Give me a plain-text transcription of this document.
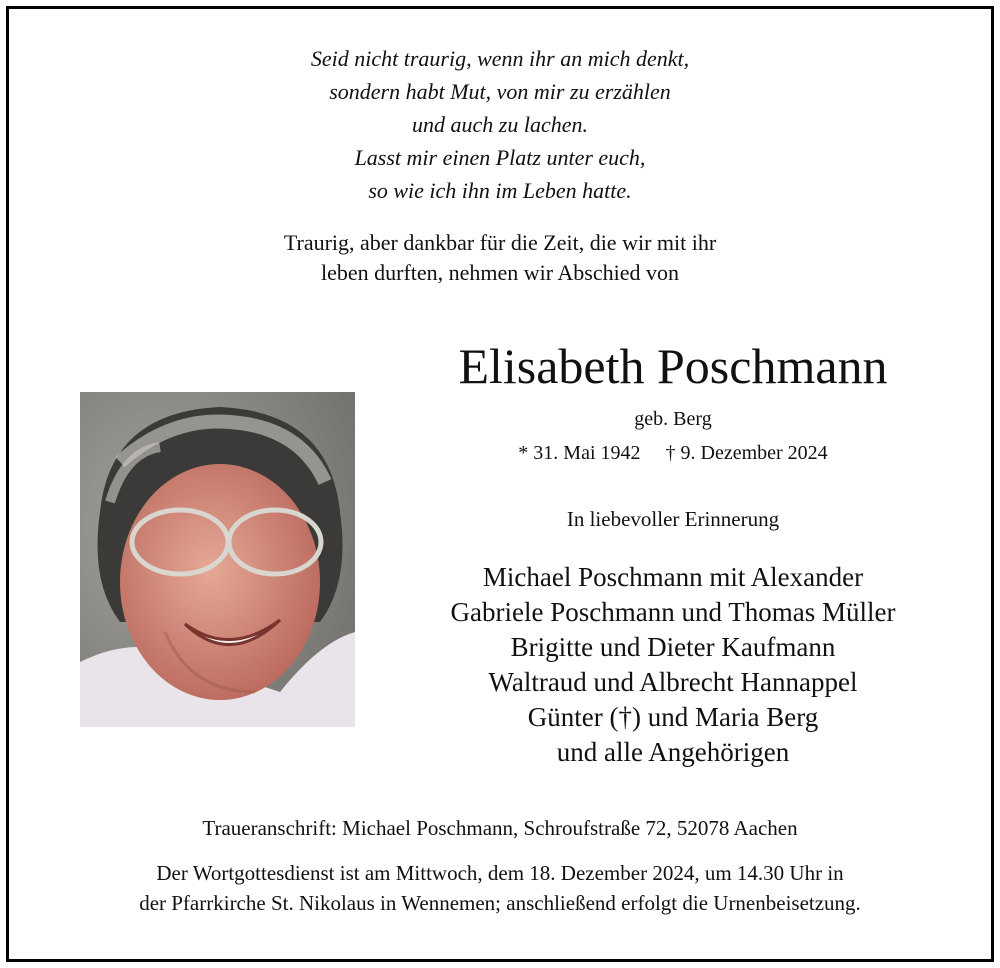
Seid nicht traurig, wenn ihr an mich denkt,
sondern habt Mut, von mir zu erzählen
und auch zu lachen.
Lasst mir einen Platz unter euch,
so wie ich ihn im Leben hatte.
Traurig, aber dankbar für die Zeit, die wir mit ihr
leben durften, nehmen wir Abschied von
Elisabeth Poschmann
geb. Berg
* 31. Mai 1942 † 9. Dezember 2024
In liebevoller Erinnerung
Michael Poschmann mit Alexander
Gabriele Poschmann und Thomas Müller
Brigitte und Dieter Kaufmann
Waltraud und Albrecht Hannappel
Günter (†) und Maria Berg
und alle Angehörigen
Traueranschrift: Michael Poschmann, Schroufstraße 72, 52078 Aachen
Der Wortgottesdienst ist am Mittwoch, dem 18. Dezember 2024, um 14.30 Uhr in
der Pfarrkirche St. Nikolaus in Wennemen; anschließend erfolgt die Urnenbeisetzung.
